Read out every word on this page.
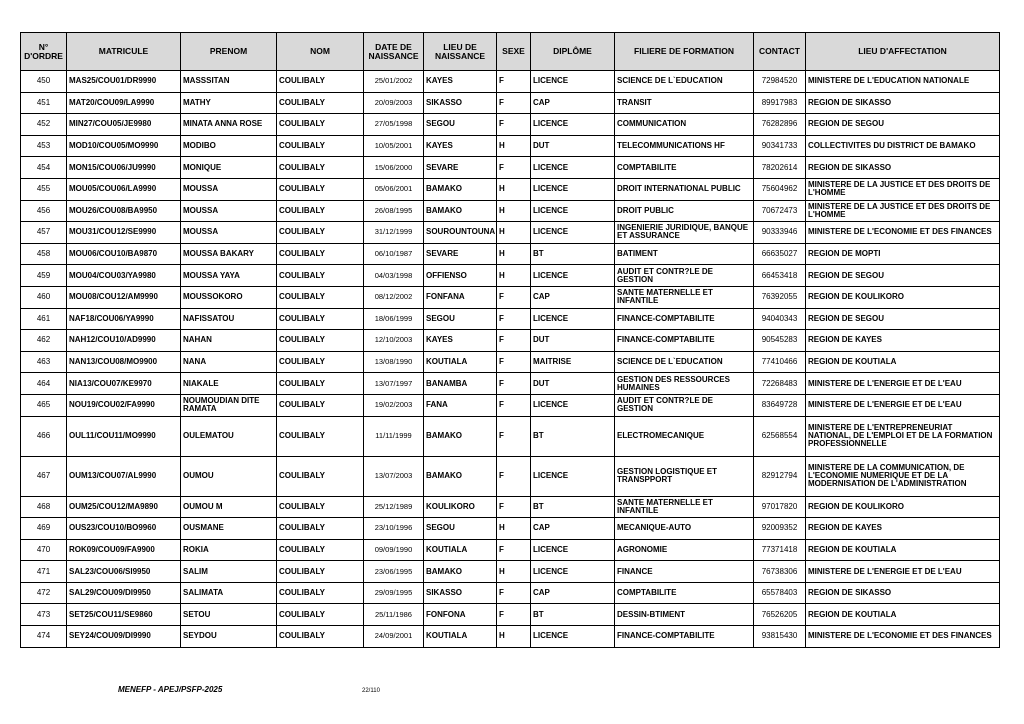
N° D'ORDRE	MATRICULE	PRENOM	NOM	DATE DE NAISSANCE	LIEU DE NAISSANCE	SEXE	DIPLÔME	FILIERE DE FORMATION	CONTACT	LIEU D'AFFECTATION
450	MAS25/COU01/DR9990	MASSSITAN	COULIBALY	25/01/2002	KAYES	F	LICENCE	SCIENCE DE L`EDUCATION	72984520	MINISTERE DE L'EDUCATION NATIONALE
451	MAT20/COU09/LA9990	MATHY	COULIBALY	20/09/2003	SIKASSO	F	CAP	TRANSIT	89917983	REGION DE SIKASSO
452	MIN27/COU05/JE9980	MINATA ANNA ROSE	COULIBALY	27/05/1998	SEGOU	F	LICENCE	COMMUNICATION	76282896	REGION DE SEGOU
453	MOD10/COU05/MO9990	MODIBO	COULIBALY	10/05/2001	KAYES	H	DUT	TELECOMMUNICATIONS HF	90341733	COLLECTIVITES DU DISTRICT DE BAMAKO
454	MON15/COU06/JU9990	MONIQUE	COULIBALY	15/06/2000	SEVARE	F	LICENCE	COMPTABILITE	78202614	REGION DE SIKASSO
455	MOU05/COU06/LA9990	MOUSSA	COULIBALY	05/06/2001	BAMAKO	H	LICENCE	DROIT INTERNATIONAL PUBLIC	75604962	MINISTERE DE LA JUSTICE ET DES DROITS DE L'HOMME
456	MOU26/COU08/BA9950	MOUSSA	COULIBALY	26/08/1995	BAMAKO	H	LICENCE	DROIT PUBLIC	70672473	MINISTERE DE LA JUSTICE ET DES DROITS DE L'HOMME
457	MOU31/COU12/SE9990	MOUSSA	COULIBALY	31/12/1999	SOUROUNTOUNA	H	LICENCE	INGENIERIE JURIDIQUE, BANQUE ET ASSURANCE	90333946	MINISTERE DE L'ECONOMIE ET DES FINANCES
458	MOU06/COU10/BA9870	MOUSSA BAKARY	COULIBALY	06/10/1987	SEVARE	H	BT	BATIMENT	66635027	REGION DE MOPTI
459	MOU04/COU03/YA9980	MOUSSA YAYA	COULIBALY	04/03/1998	OFFIENSO	H	LICENCE	AUDIT ET CONTR?LE DE GESTION	66453418	REGION DE SEGOU
460	MOU08/COU12/AM9990	MOUSSOKORO	COULIBALY	08/12/2002	FONFANA	F	CAP	SANTE MATERNELLE ET INFANTILE	76392055	REGION DE KOULIKORO
461	NAF18/COU06/YA9990	NAFISSATOU	COULIBALY	18/06/1999	SEGOU	F	LICENCE	FINANCE-COMPTABILITE	94040343	REGION DE SEGOU
462	NAH12/COU10/AD9990	NAHAN	COULIBALY	12/10/2003	KAYES	F	DUT	FINANCE-COMPTABILITE	90545283	REGION DE KAYES
463	NAN13/COU08/MO9900	NANA	COULIBALY	13/08/1990	KOUTIALA	F	MAITRISE	SCIENCE DE L`EDUCATION	77410466	REGION DE KOUTIALA
464	NIA13/COU07/KE9970	NIAKALE	COULIBALY	13/07/1997	BANAMBA	F	DUT	GESTION DES RESSOURCES HUMAINES	72268483	MINISTERE DE L'ENERGIE ET DE L'EAU
465	NOU19/COU02/FA9990	NOUMOUDIAN DITE RAMATA	COULIBALY	19/02/2003	FANA	F	LICENCE	AUDIT ET CONTR?LE DE GESTION	83649728	MINISTERE DE L'ENERGIE ET DE L'EAU
466	OUL11/COU11/MO9990	OULEMATOU	COULIBALY	11/11/1999	BAMAKO	F	BT	ELECTROMECANIQUE	62568554	MINISTERE DE L'ENTREPRENEURIAT NATIONAL, DE L'EMPLOI ET DE LA FORMATION PROFESSIONNELLE
467	OUM13/COU07/AL9990	OUMOU	COULIBALY	13/07/2003	BAMAKO	F	LICENCE	GESTION LOGISTIQUE ET TRANSPPORT	82912794	MINISTERE DE LA COMMUNICATION, DE L'ECONOMIE NUMERIQUE ET DE LA MODERNISATION DE L'ADMINISTRATION
468	OUM25/COU12/MA9890	OUMOU M	COULIBALY	25/12/1989	KOULIKORO	F	BT	SANTE MATERNELLE ET INFANTILE	97017820	REGION DE KOULIKORO
469	OUS23/COU10/BO9960	OUSMANE	COULIBALY	23/10/1996	SEGOU	H	CAP	MECANIQUE-AUTO	92009352	REGION DE KAYES
470	ROK09/COU09/FA9900	ROKIA	COULIBALY	09/09/1990	KOUTIALA	F	LICENCE	AGRONOMIE	77371418	REGION DE KOUTIALA
471	SAL23/COU06/SI9950	SALIM	COULIBALY	23/06/1995	BAMAKO	H	LICENCE	FINANCE	76738306	MINISTERE DE L'ENERGIE ET DE L'EAU
472	SAL29/COU09/DI9950	SALIMATA	COULIBALY	29/09/1995	SIKASSO	F	CAP	COMPTABILITE	65578403	REGION DE SIKASSO
473	SET25/COU11/SE9860	SETOU	COULIBALY	25/11/1986	FONFONA	F	BT	DESSIN-BTIMENT	76526205	REGION DE KOUTIALA
474	SEY24/COU09/DI9990	SEYDOU	COULIBALY	24/09/2001	KOUTIALA	H	LICENCE	FINANCE-COMPTABILITE	93815430	MINISTERE DE L'ECONOMIE ET DES FINANCES
MENEFP - APEJ/PSFP-2025	22/110
